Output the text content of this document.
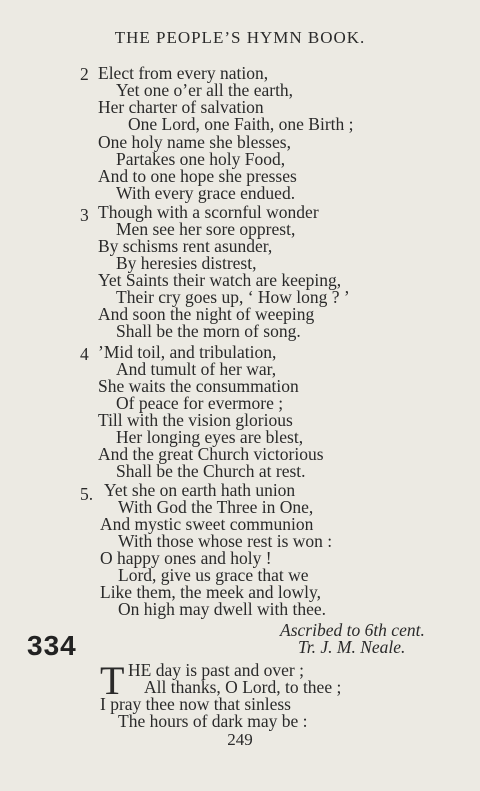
THE PEOPLE’S HYMN BOOK.
2 Elect from every nation,
Yet one o’er all the earth,
Her charter of salvation
One Lord, one Faith, one Birth ;
One holy name she blesses,
Partakes one holy Food,
And to one hope she presses
With every grace endued.
3 Though with a scornful wonder
Men see her sore opprest,
By schisms rent asunder,
By heresies distrest,
Yet Saints their watch are keeping,
Their cry goes up, ‘ How long ? ’
And soon the night of weeping
Shall be the morn of song.
4 ’Mid toil, and tribulation,
And tumult of her war,
She waits the consummation
Of peace for evermore ;
Till with the vision glorious
Her longing eyes are blest,
And the great Church victorious
Shall be the Church at rest.
5. Yet she on earth hath union
With God the Three in One,
And mystic sweet communion
With those whose rest is won :
O happy ones and holy !
Lord, give us grace that we
Like them, the meek and lowly,
On high may dwell with thee.
Ascribed to 6th cent.
Tr. J. M. Neale.
334
T HE day is past and over ;
All thanks, O Lord, to thee ;
I pray thee now that sinless
The hours of dark may be :
249
